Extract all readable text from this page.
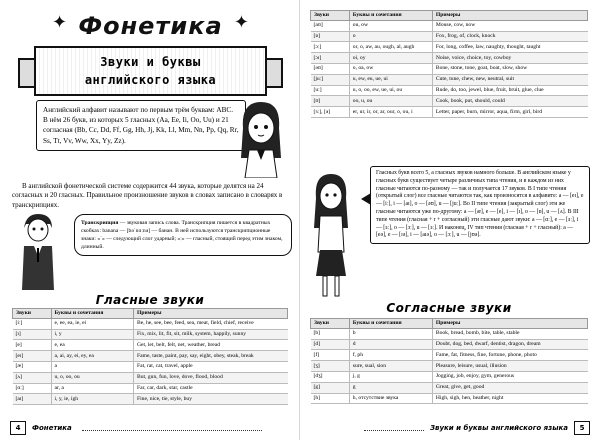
✦ Фонетика ✦
Звуки и буквы
английского языка
Английский алфавит называют по первым трём буквам: ABC. В нём 26 букв, из которых 5 гласных (Aa, Ee, Ii, Oo, Uu) и 21 согласная (Bb, Cc, Dd, Ff, Gg, Hh, Jj, Kk, Ll, Mm, Nn, Pp, Qq, Rr, Ss, Tt, Vv, Ww, Xx, Yy, Zz).
В английской фонетической системе содержится 44 звука, которые делятся на 24 согласных и 20 гласных. Правильное произношение звуков в словах записано в словарях в транскрипциях.
Транскрипция — звуковая запись слова. Транскрипция пишется в квадратных скобках: banana — [bəˈnɑːnə] — банан. В ней используются транскрипционные знаки: «ˈ» — следующий слог ударный; «ː» — гласный, стоящий перед этим знаком, длинный.
Гласные звуки
Звуки	Буквы и сочетания	Примеры
[iː]	e, ee, ea, ie, ei	Be, he, see, bee, feed, sea, meat, field, chief, receive
[ɪ]	i, y	Fix, mix, lit, fit, sit, milk, system, happily, sunny
[e]	e, ea	Get, let, belt, felt, net, weather, bread
[eɪ]	a, ai, ay, ei, ey, ea	Fame, taste, paint, pay, say, eight, obey, steak, break
[æ]	a	Fat, rat, cat, travel, apple
[ʌ]	u, o, oo, ou	But, gun, fun, love, dove, flood, blood
[ɑː]	ar, a	Far, car, dark, star, castle
[aɪ]	i, y, ie, igh	Fine, nice, tie, style, buy
4	Фонетика
Звуки	Буквы и сочетания	Примеры
[aʊ]	ou, ow	Mouse, cow, now
[ɒ]	o	Fox, frog, of, clock, knock
[ɔː]	or, o, aw, au, ough, al, augh	For, long, coffee, law, naughty, thought, taught
[ɔɪ]	oi, oy	Noise, voice, choice, toy, cowboy
[əʊ]	o, oa, ow	Bone, stone, tone, goat, boat, slow, show
[juː]	u, ew, eu, ue, ui	Cute, tune, chew, new, neutral, suit
[uː]	u, o, oo, ew, ue, ui, ou	Rude, do, too, jewel, blue, fruit, bruit, glue, clue
[ʊ]	oo, u, ou	Cook, book, put, should, could
[ɜː], [ə]	er, ur, ir, or, ar, our, o, ou, i	Letter, paper, burn, mirror, aqua, firm, girl, bird
Гласных букв всего 5, а гласных звуков намного больше. В английском языке у гласных букв существует четыре различных типа чтения, и в каждом из них гласные читаются по-разному — так и получается 17 звуков. В I типе чтения (открытый слог) все гласные читаются так, как произносятся в алфавите: a — [eɪ], e — [iː], i — [aɪ], o — [əʊ], u — [juː]. Во II типе чтения (закрытый слог) эти же гласные читаются уже по-другому: a — [æ], e — [e], i — [ɪ], o — [ɒ], u — [ʌ]. В III типе чтения (гласная + r + согласный) эти гласные дают звуки: a — [ɑː], e — [ɜː], i — [ɜː], o — [ɔː], u — [ɜː]. И наконец, IV тип чтения (гласная + r + гласный): a — [eə], e — [ɪə], i — [aɪə], o — [ɔː], u — [jʊə].
Согласные звуки
Звуки	Буквы и сочетания	Примеры
[b]	b	Book, bread, bomb, bite, table, stable
[d]	d	Doubt, dog, bed, dwarf, dentist, dragon, dream
[f]	f, ph	Fame, fat, fitness, fine, fortune, phone, photo
[ʒ]	sure, sual, sion	Pleasure, leisure, usual, illusion
[dʒ]	j, g	Jogging, job, enjoy, gym, generous
[g]	g	Great, give, get, good
[h]	h, отсутствие звука	High, sigh, hen, heather, night
Звуки и буквы английского языка	5
